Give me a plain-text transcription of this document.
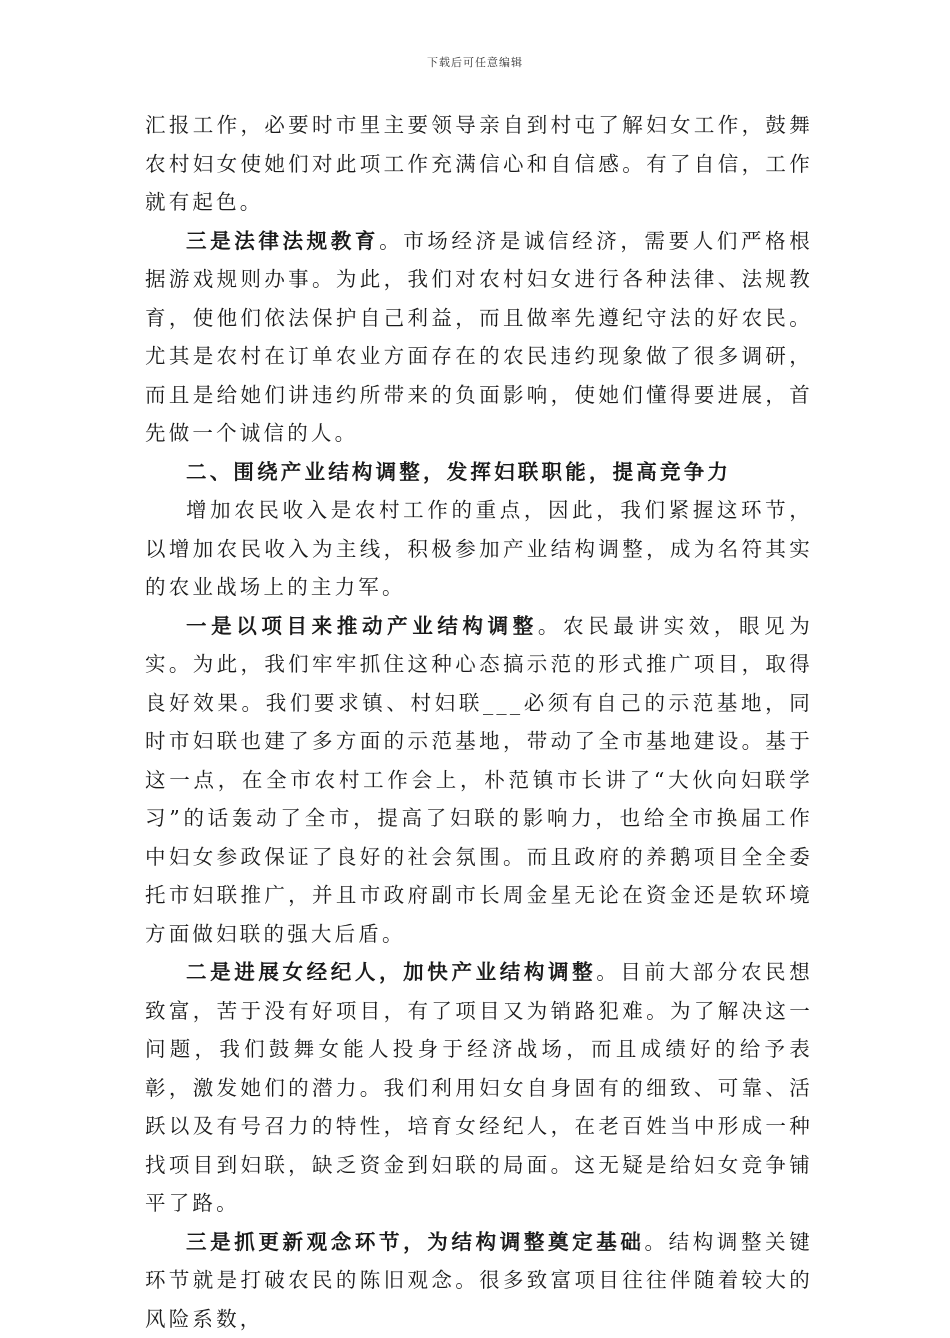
下载后可任意编辑

汇报工作，必要时市里主要领导亲自到村屯了解妇女工作，鼓舞农村妇女使她们对此项工作充满信心和自信感。有了自信，工作就有起色。

三是法律法规教育。市场经济是诚信经济，需要人们严格根据游戏规则办事。为此，我们对农村妇女进行各种法律、法规教育，使他们依法保护自己利益，而且做率先遵纪守法的好农民。尤其是农村在订单农业方面存在的农民违约现象做了很多调研，而且是给她们讲违约所带来的负面影响，使她们懂得要进展，首先做一个诚信的人。

二、围绕产业结构调整，发挥妇联职能，提高竞争力

增加农民收入是农村工作的重点，因此，我们紧握这环节，以增加农民收入为主线，积极参加产业结构调整，成为名符其实的农业战场上的主力军。

一是以项目来推动产业结构调整。农民最讲实效，眼见为实。为此，我们牢牢抓住这种心态搞示范的形式推广项目，取得良好效果。我们要求镇、村妇联___必须有自己的示范基地，同时市妇联也建了多方面的示范基地，带动了全市基地建设。基于这一点，在全市农村工作会上，朴范镇市长讲了“大伙向妇联学习”的话轰动了全市，提高了妇联的影响力，也给全市换届工作中妇女参政保证了良好的社会氛围。而且政府的养鹅项目全全委托市妇联推广，并且市政府副市长周金星无论在资金还是软环境方面做妇联的强大后盾。

二是进展女经纪人，加快产业结构调整。目前大部分农民想致富，苦于没有好项目，有了项目又为销路犯难。为了解决这一问题，我们鼓舞女能人投身于经济战场，而且成绩好的给予表彰，激发她们的潜力。我们利用妇女自身固有的细致、可靠、活跃以及有号召力的特性，培育女经纪人，在老百姓当中形成一种找项目到妇联，缺乏资金到妇联的局面。这无疑是给妇女竞争铺平了路。

三是抓更新观念环节，为结构调整奠定基础。结构调整关键环节就是打破农民的陈旧观念。很多致富项目往往伴随着较大的风险系数，
